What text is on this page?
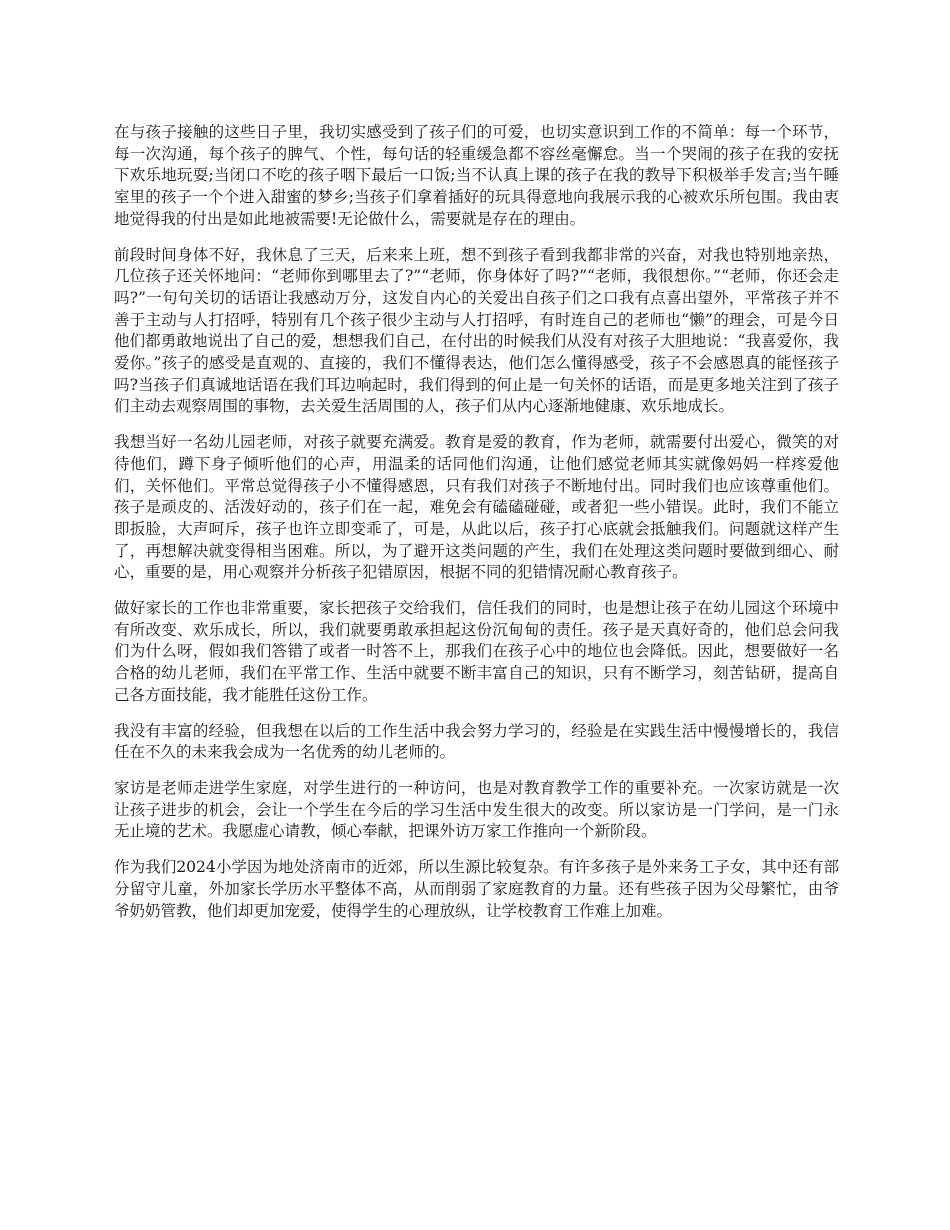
在与孩子接触的这些日子里，我切实感受到了孩子们的可爱，也切实意识到工作的不简单：每一个环节，每一次沟通，每个孩子的脾气、个性，每句话的轻重缓急都不容丝毫懈怠。当一个哭闹的孩子在我的安抚下欢乐地玩耍;当闭口不吃的孩子咽下最后一口饭;当不认真上课的孩子在我的教导下积极举手发言;当午睡室里的孩子一个个进入甜蜜的梦乡;当孩子们拿着插好的玩具得意地向我展示我的心被欢乐所包围。我由衷地觉得我的付出是如此地被需要!无论做什么，需要就是存在的理由。

前段时间身体不好，我休息了三天，后来来上班，想不到孩子看到我都非常的兴奋，对我也特别地亲热，几位孩子还关怀地问：“老师你到哪里去了?”“老师，你身体好了吗?”“老师，我很想你。”“老师，你还会走吗?”一句句关切的话语让我感动万分，这发自内心的关爱出自孩子们之口我有点喜出望外，平常孩子并不善于主动与人打招呼，特别有几个孩子很少主动与人打招呼，有时连自己的老师也“懒”的理会，可是今日他们都勇敢地说出了自己的爱，想想我们自己，在付出的时候我们从没有对孩子大胆地说：“我喜爱你，我爱你。”孩子的感受是直观的、直接的，我们不懂得表达，他们怎么懂得感受，孩子不会感恩真的能怪孩子吗?当孩子们真诚地话语在我们耳边响起时，我们得到的何止是一句关怀的话语，而是更多地关注到了孩子们主动去观察周围的事物，去关爱生活周围的人，孩子们从内心逐渐地健康、欢乐地成长。

我想当好一名幼儿园老师，对孩子就要充满爱。教育是爱的教育，作为老师，就需要付出爱心，微笑的对待他们，蹲下身子倾听他们的心声，用温柔的话同他们沟通，让他们感觉老师其实就像妈妈一样疼爱他们，关怀他们。平常总觉得孩子小不懂得感恩，只有我们对孩子不断地付出。同时我们也应该尊重他们。孩子是顽皮的、活泼好动的，孩子们在一起，难免会有磕磕碰碰，或者犯一些小错误。此时，我们不能立即扳脸，大声呵斥，孩子也许立即变乖了，可是，从此以后，孩子打心底就会抵触我们。问题就这样产生了，再想解决就变得相当困难。所以，为了避开这类问题的产生，我们在处理这类问题时要做到细心、耐心，重要的是，用心观察并分析孩子犯错原因，根据不同的犯错情况耐心教育孩子。

做好家长的工作也非常重要，家长把孩子交给我们，信任我们的同时，也是想让孩子在幼儿园这个环境中有所改变、欢乐成长，所以，我们就要勇敢承担起这份沉甸甸的责任。孩子是天真好奇的，他们总会问我们为什么呀，假如我们答错了或者一时答不上，那我们在孩子心中的地位也会降低。因此，想要做好一名合格的幼儿老师，我们在平常工作、生活中就要不断丰富自己的知识，只有不断学习，刻苦钻研，提高自己各方面技能，我才能胜任这份工作。

我没有丰富的经验，但我想在以后的工作生活中我会努力学习的，经验是在实践生活中慢慢增长的，我信任在不久的未来我会成为一名优秀的幼儿老师的。

家访是老师走进学生家庭，对学生进行的一种访问，也是对教育教学工作的重要补充。一次家访就是一次让孩子进步的机会，会让一个学生在今后的学习生活中发生很大的改变。所以家访是一门学问，是一门永无止境的艺术。我愿虚心请教，倾心奉献，把课外访万家工作推向一个新阶段。

作为我们2024小学因为地处济南市的近郊，所以生源比较复杂。有许多孩子是外来务工子女，其中还有部分留守儿童，外加家长学历水平整体不高，从而削弱了家庭教育的力量。还有些孩子因为父母繁忙，由爷爷奶奶管教，他们却更加宠爱，使得学生的心理放纵，让学校教育工作难上加难。
